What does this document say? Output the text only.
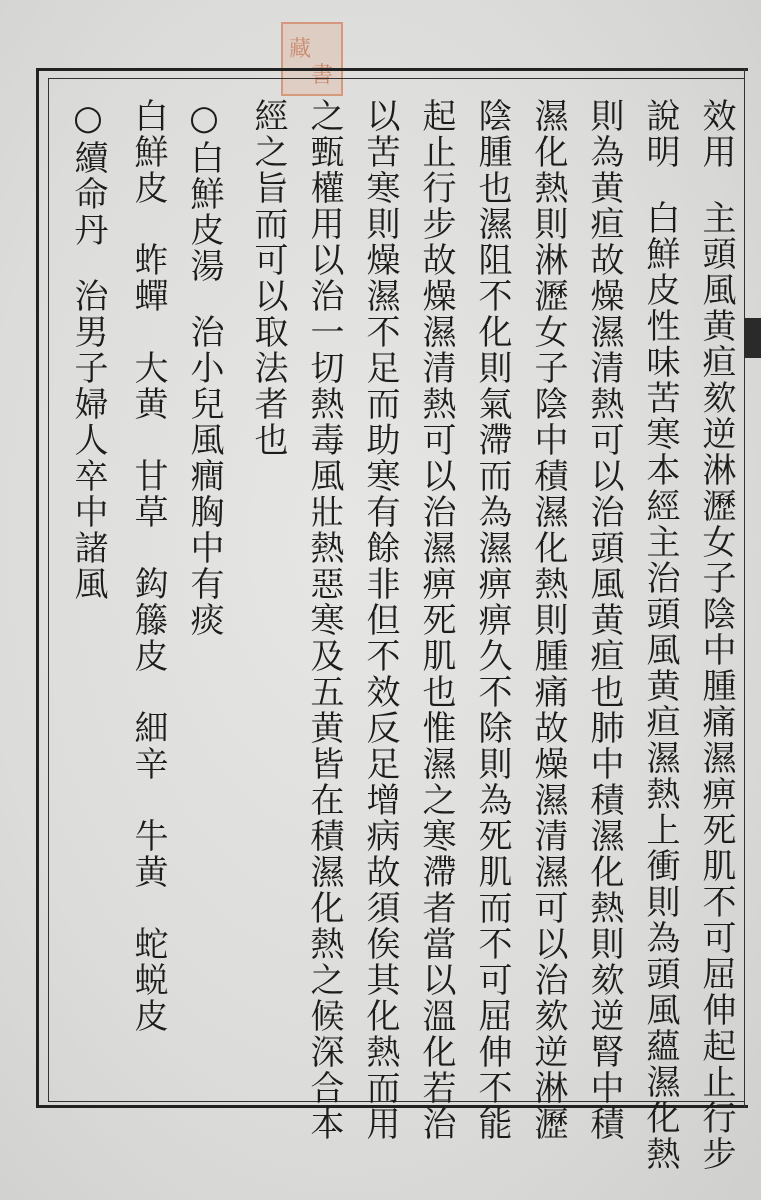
藏
書
效用主頭風黄疸欬逆淋瀝女子陰中腫痛濕痹死肌不可屈伸起止行步
說明白鮮皮性味苦寒本經主治頭風黄疸濕熱上衝則為頭風蘊濕化熱
則為黄疸故燥濕清熱可以治頭風黄疸也肺中積濕化熱則欬逆腎中積
濕化熱則淋瀝女子陰中積濕化熱則腫痛故燥濕清濕可以治欬逆淋瀝
陰腫也濕阻不化則氣滯而為濕痹痹久不除則為死肌而不可屈伸不能
起止行步故燥濕清熱可以治濕痹死肌也惟濕之寒滯者當以溫化若治
以苦寒則燥濕不足而助寒有餘非但不效反足增病故須俟其化熱而用
之甄權用以治一切熱毒風壯熱惡寒及五黄皆在積濕化熱之候深合本
經之旨而可以取法者也
○白鮮皮湯治小兒風癎胸中有痰
白鮮皮　蚱蟬　大黄　甘草　鈎籐皮　細辛　牛黄　蛇蜕皮
○續命丹治男子婦人卒中諸風
